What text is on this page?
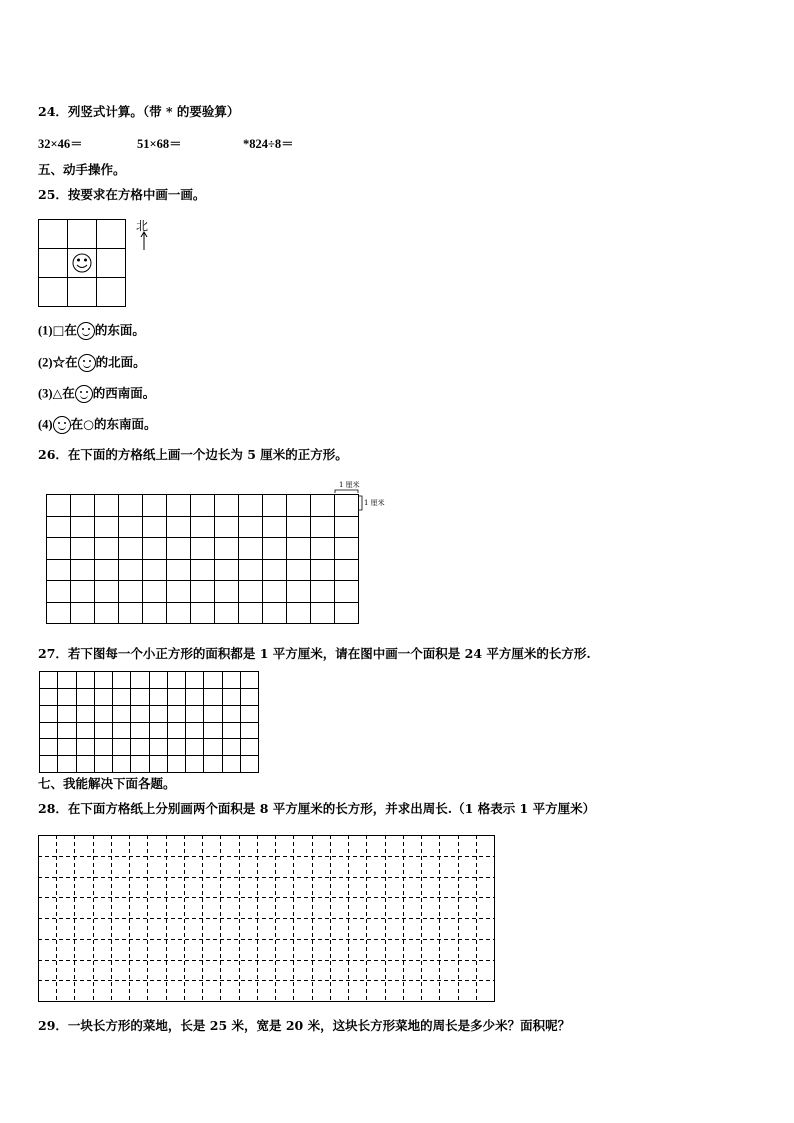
24．列竖式计算。（带 * 的要验算）
32×46＝	51×68＝	*824÷8＝
五、动手操作。
25．按要求在方格中画一画。
北
(1)□在 的东面。
(2)☆在 的北面。
(3)△在 的西南面。
(4) 在○的东南面。
26．在下面的方格纸上画一个边长为 5 厘米的正方形。
1 厘米
1 厘米
27．若下图每一个小正方形的面积都是 1 平方厘米，请在图中画一个面积是 24 平方厘米的长方形.
七、我能解决下面各题。
28．在下面方格纸上分别画两个面积是 8 平方厘米的长方形，并求出周长.（1 格表示 1 平方厘米）
29．一块长方形的菜地，长是 25 米，宽是 20 米，这块长方形菜地的周长是多少米？面积呢？
